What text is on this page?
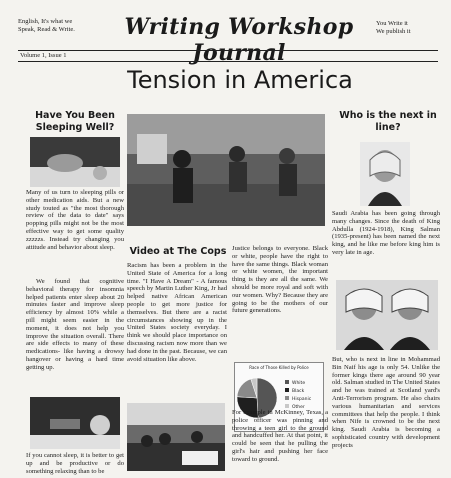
English, It's what we
Speak, Read & Write.	Writing Workshop Journal
You Write it
We publish it
Volume 1, Issue 1
Tension in America
Have You Been Sleeping Well?
Many of us turn to sleeping pills or other medication aids. But a new study touted as "the most thorough review of the data to date" says popping pills might not be the most effective way to get some quality zzzzzs. Instead try changing you attitude and behavior about sleep.
We found that cognitive behavioral therapy for insomnia helped patients enter sleep about 20 minutes faster and improve sleep efficiency by almost 10% while a pill might seem easier in the moment, it does not help you improve the situation overall. There are side effects to many of these medications- like having a drowsy hangover or having a hard time getting up.
If you cannot sleep, it is better to get up and be productive or do something relaxing than to be
Video at The Cops
Racism has been a problem in the United State of America for a long time. "I Have A Dream" - A famous speech by Martin Luther King, Jr had helped native African American people to get more justice for themselves. But there are a racist circumstances showing up in the United States society everyday. I think we should place importance on discussing racism now more than we had done in the past. Because, we can avoid situation like above.
Justice belongs to everyone. Black or white, people have the right to have the same things. Black woman or white women, the important thing is they are all the same. We should be more royal and soft with our women. Why? Because they are going to be the mothers of our future generations.
Race of Those Killed by Police
White
Black
Hispanic
Other
For example in McKinney, Texas, a police officer was pinning and throwing a teen girl to the ground and handcuffed her. At that point, it could be seen that he pulling the girl's hair and pushing her face toward to ground.
Who is the next in line?
Saudi Arabia has been going through many changes. Since the death of King Abdulla (1924-1918), King Salman (1935-present) has been named the next king, and he like me before king him is very late in age.
But, who is next in line in Mohammad Bin Naif his age is only 54. Unlike the former kings there age around 90 year old. Salman studied in The United States and he was trained at Scotland yard's Anti-Terrorism program. He also chairs various humanitarian and services committees that help the people. I think when Nife is crowned to be the next king. Saudi Arabia is becoming a sophisticated country with development projects
